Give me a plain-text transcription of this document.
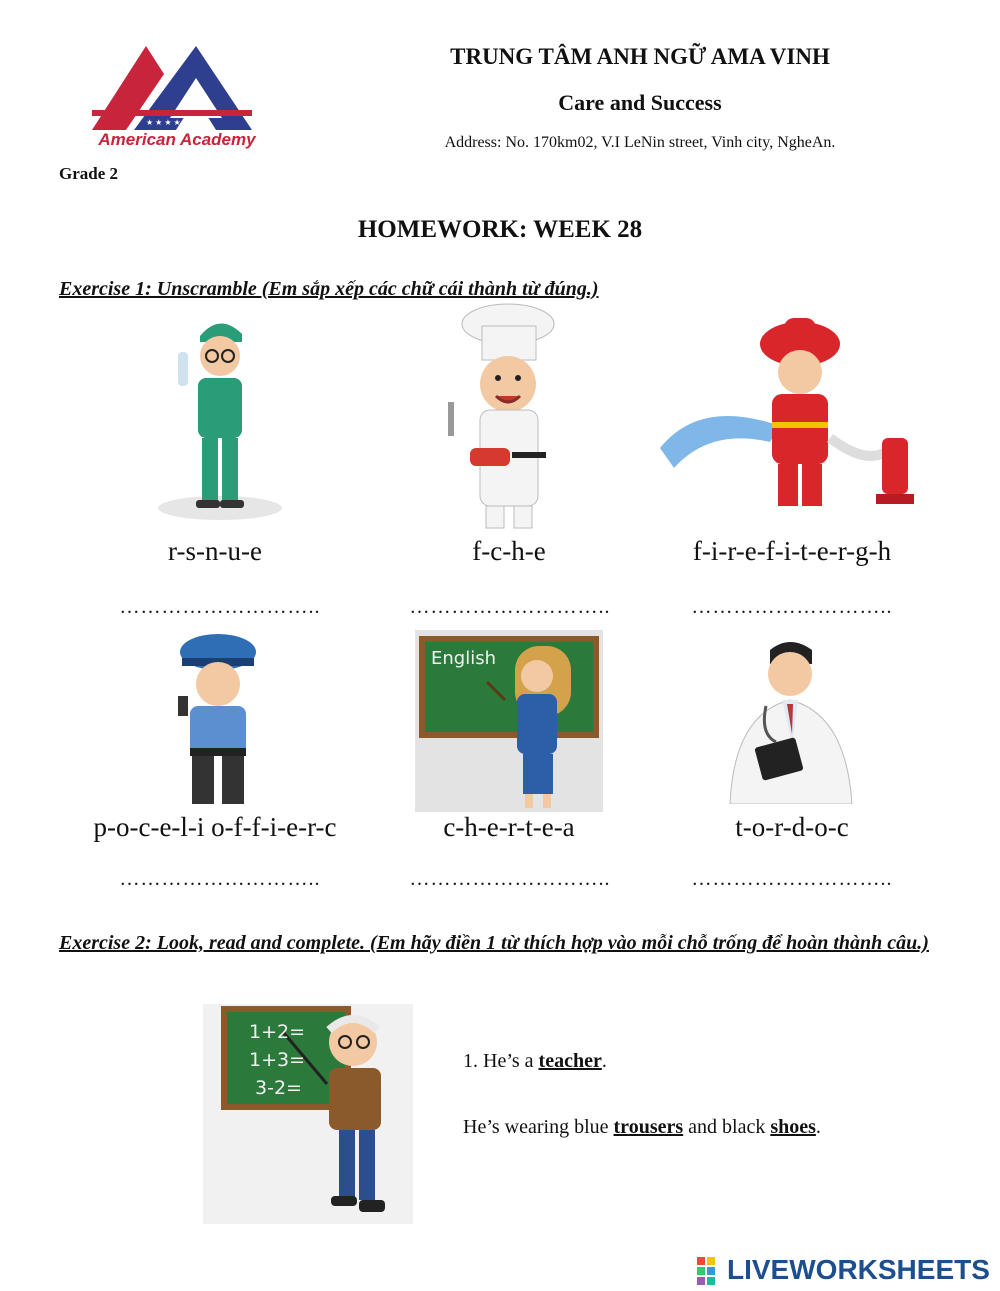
★ ★ ★ ★ ★
American Academy
TRUNG TÂM ANH NGỮ AMA VINH
Care and Success
Address: No. 170km02, V.I LeNin street, Vinh city, NgheAn.
Grade 2
HOMEWORK: WEEK 28
Exercise 1: Unscramble (Em sắp xếp các chữ cái thành từ đúng.)
r-s-n-u-e	f-c-h-e	f-i-r-e-f-i-t-e-r-g-h
………………………..	………………………..	………………………..
English
p-o-c-e-l-i o-f-f-i-e-r-c	c-h-e-r-t-e-a	t-o-r-d-o-c
………………………..	………………………..	………………………..
Exercise 2: Look, read and complete. (Em hãy điền 1 từ thích hợp vào mỗi chỗ trống để hoàn thành câu.)
1+2=
1+3=
3-2=
1. He’s a teacher.
He’s wearing blue trousers and black shoes.
LIVEWORKSHEETS
